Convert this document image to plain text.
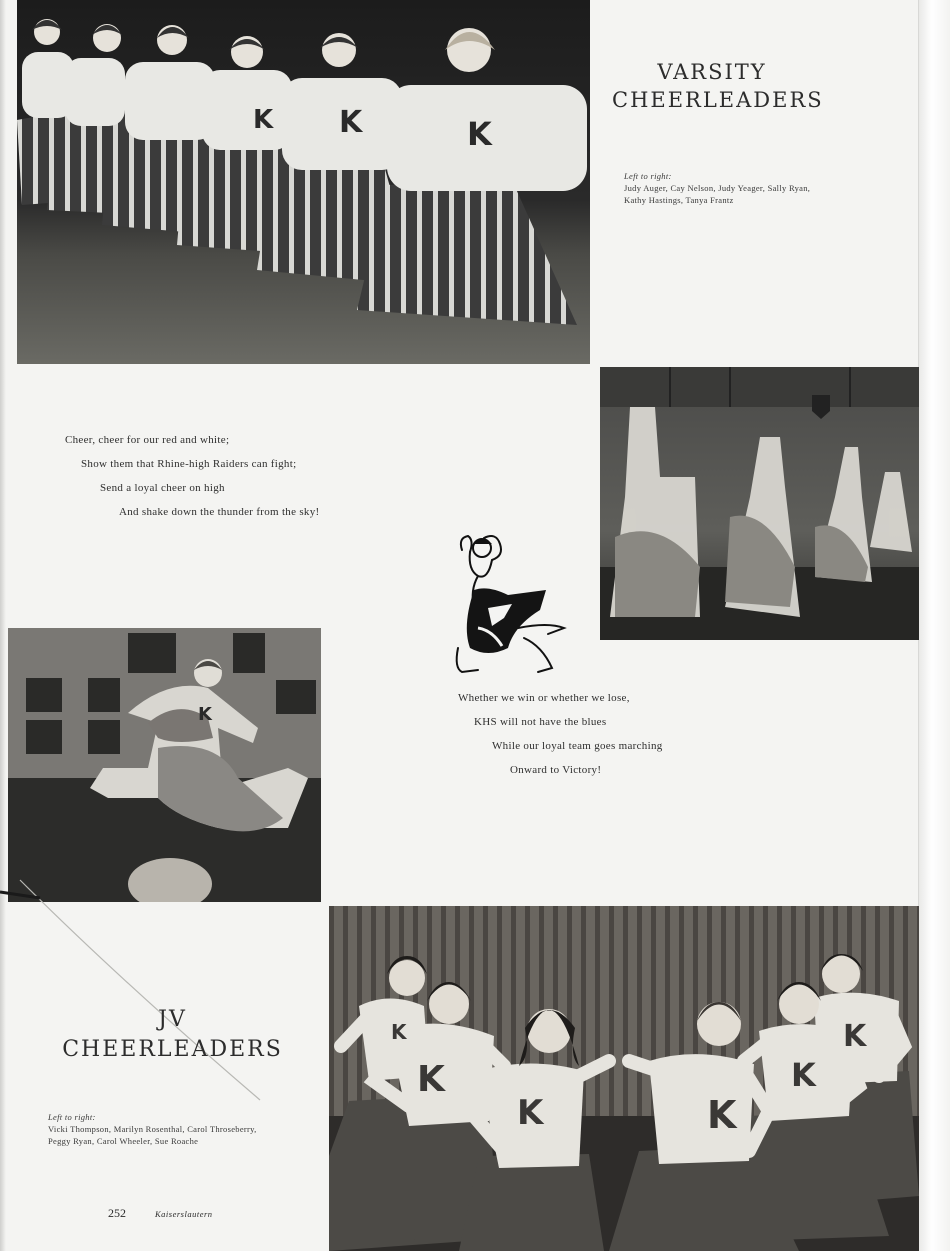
K K	K
VARSITY
CHEERLEADERS
Left to right:
Judy Auger, Cay Nelson, Judy Yeager, Sally Ryan,
Kathy Hastings, Tanya Frantz
Cheer, cheer for our red and white;
Show them that Rhine-high Raiders can fight;
Send a loyal cheer on high
And shake down the thunder from the sky!
K
Whether we win or whether we lose,
KHS will not have the blues
While our loyal team goes marching
Onward to Victory!
JV
CHEERLEADERS
Left to right:
Vicki Thompson, Marilyn Rosenthal, Carol Throseberry,
Peggy Ryan, Carol Wheeler, Sue Roache
K
K
K	K
K
K
252	Kaiserslautern
